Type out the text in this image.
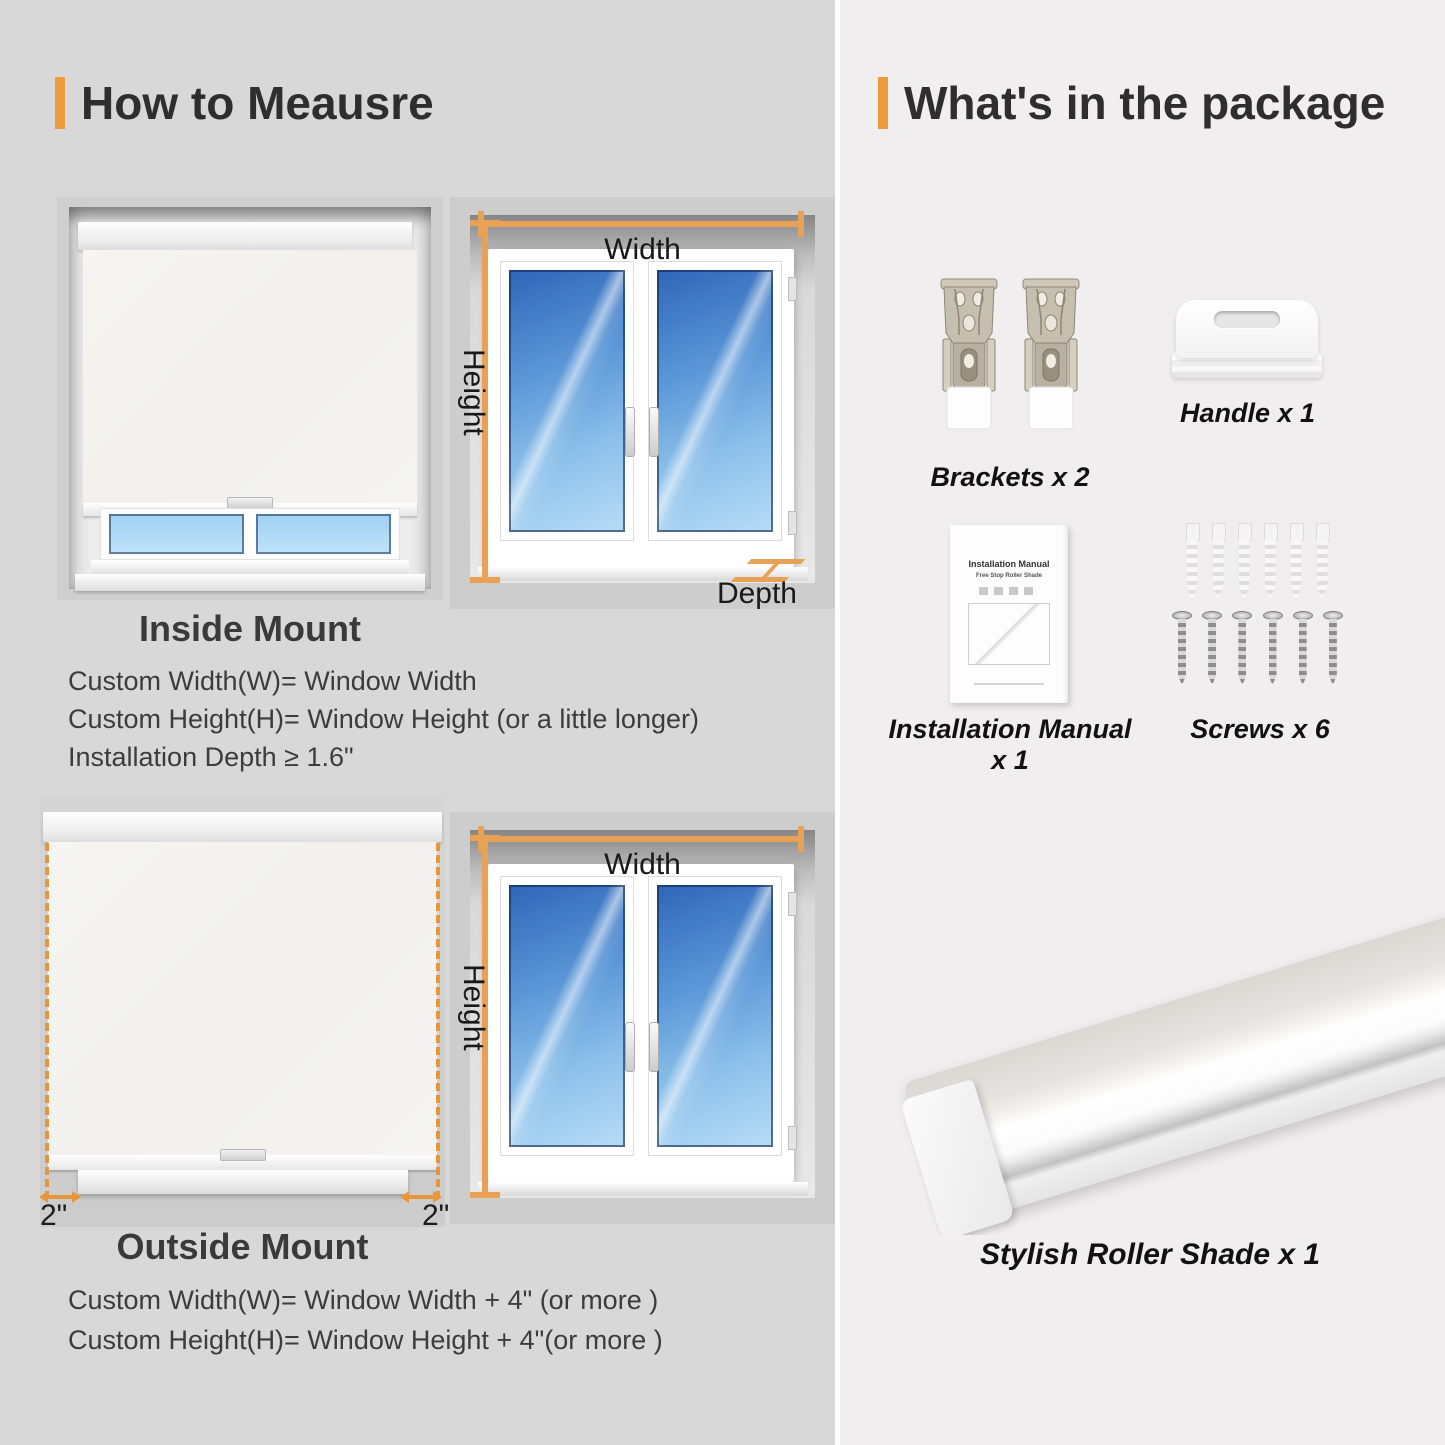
How to Meausre
Width
Height
Depth
Inside Mount
Custom Width(W)= Window Width
Custom Height(H)= Window Height (or a little longer)
Installation Depth ≥ 1.6"
2"	2"
Width
Height
Outside Mount
Custom Width(W)= Window Width + 4" (or more )
Custom Height(H)= Window Height + 4"(or more )
What's in the package
Brackets x 2
Handle x 1
Installation Manual
Free Stop Roller Shade
Installation Manual x 1
Screws x 6
Stylish Roller Shade x 1
